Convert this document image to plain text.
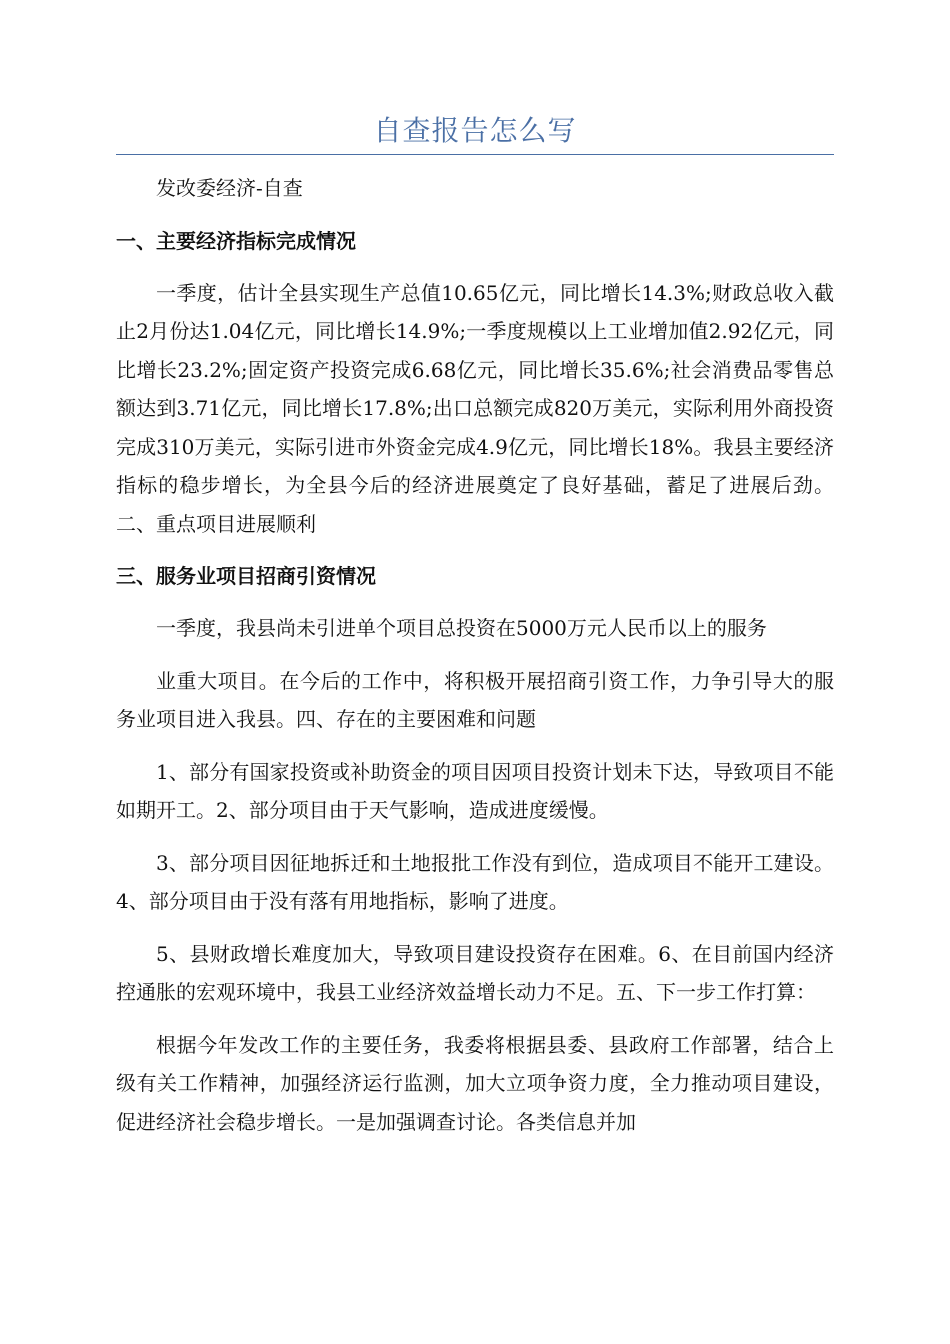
自查报告怎么写

发改委经济-自查

一、主要经济指标完成情况

一季度，估计全县实现生产总值10.65亿元，同比增长14.3%;财政总收入截止2月份达1.04亿元，同比增长14.9%;一季度规模以上工业增加值2.92亿元，同比增长23.2%;固定资产投资完成6.68亿元，同比增长35.6%;社会消费品零售总额达到3.71亿元，同比增长17.8%;出口总额完成820万美元，实际利用外商投资完成310万美元，实际引进市外资金完成4.9亿元，同比增长18%。我县主要经济指标的稳步增长，为全县今后的经济进展奠定了良好基础，蓄足了进展后劲。二、重点项目进展顺利

三、服务业项目招商引资情况

一季度，我县尚未引进单个项目总投资在5000万元人民币以上的服务

业重大项目。在今后的工作中，将积极开展招商引资工作，力争引导大的服务业项目进入我县。四、存在的主要困难和问题

1、部分有国家投资或补助资金的项目因项目投资计划未下达，导致项目不能如期开工。2、部分项目由于天气影响，造成进度缓慢。

3、部分项目因征地拆迁和土地报批工作没有到位，造成项目不能开工建设。4、部分项目由于没有落有用地指标，影响了进度。

5、县财政增长难度加大，导致项目建设投资存在困难。6、在目前国内经济控通胀的宏观环境中，我县工业经济效益增长动力不足。五、下一步工作打算：

根据今年发改工作的主要任务，我委将根据县委、县政府工作部署，结合上级有关工作精神，加强经济运行监测，加大立项争资力度，全力推动项目建设，促进经济社会稳步增长。一是加强调查讨论。各类信息并加
